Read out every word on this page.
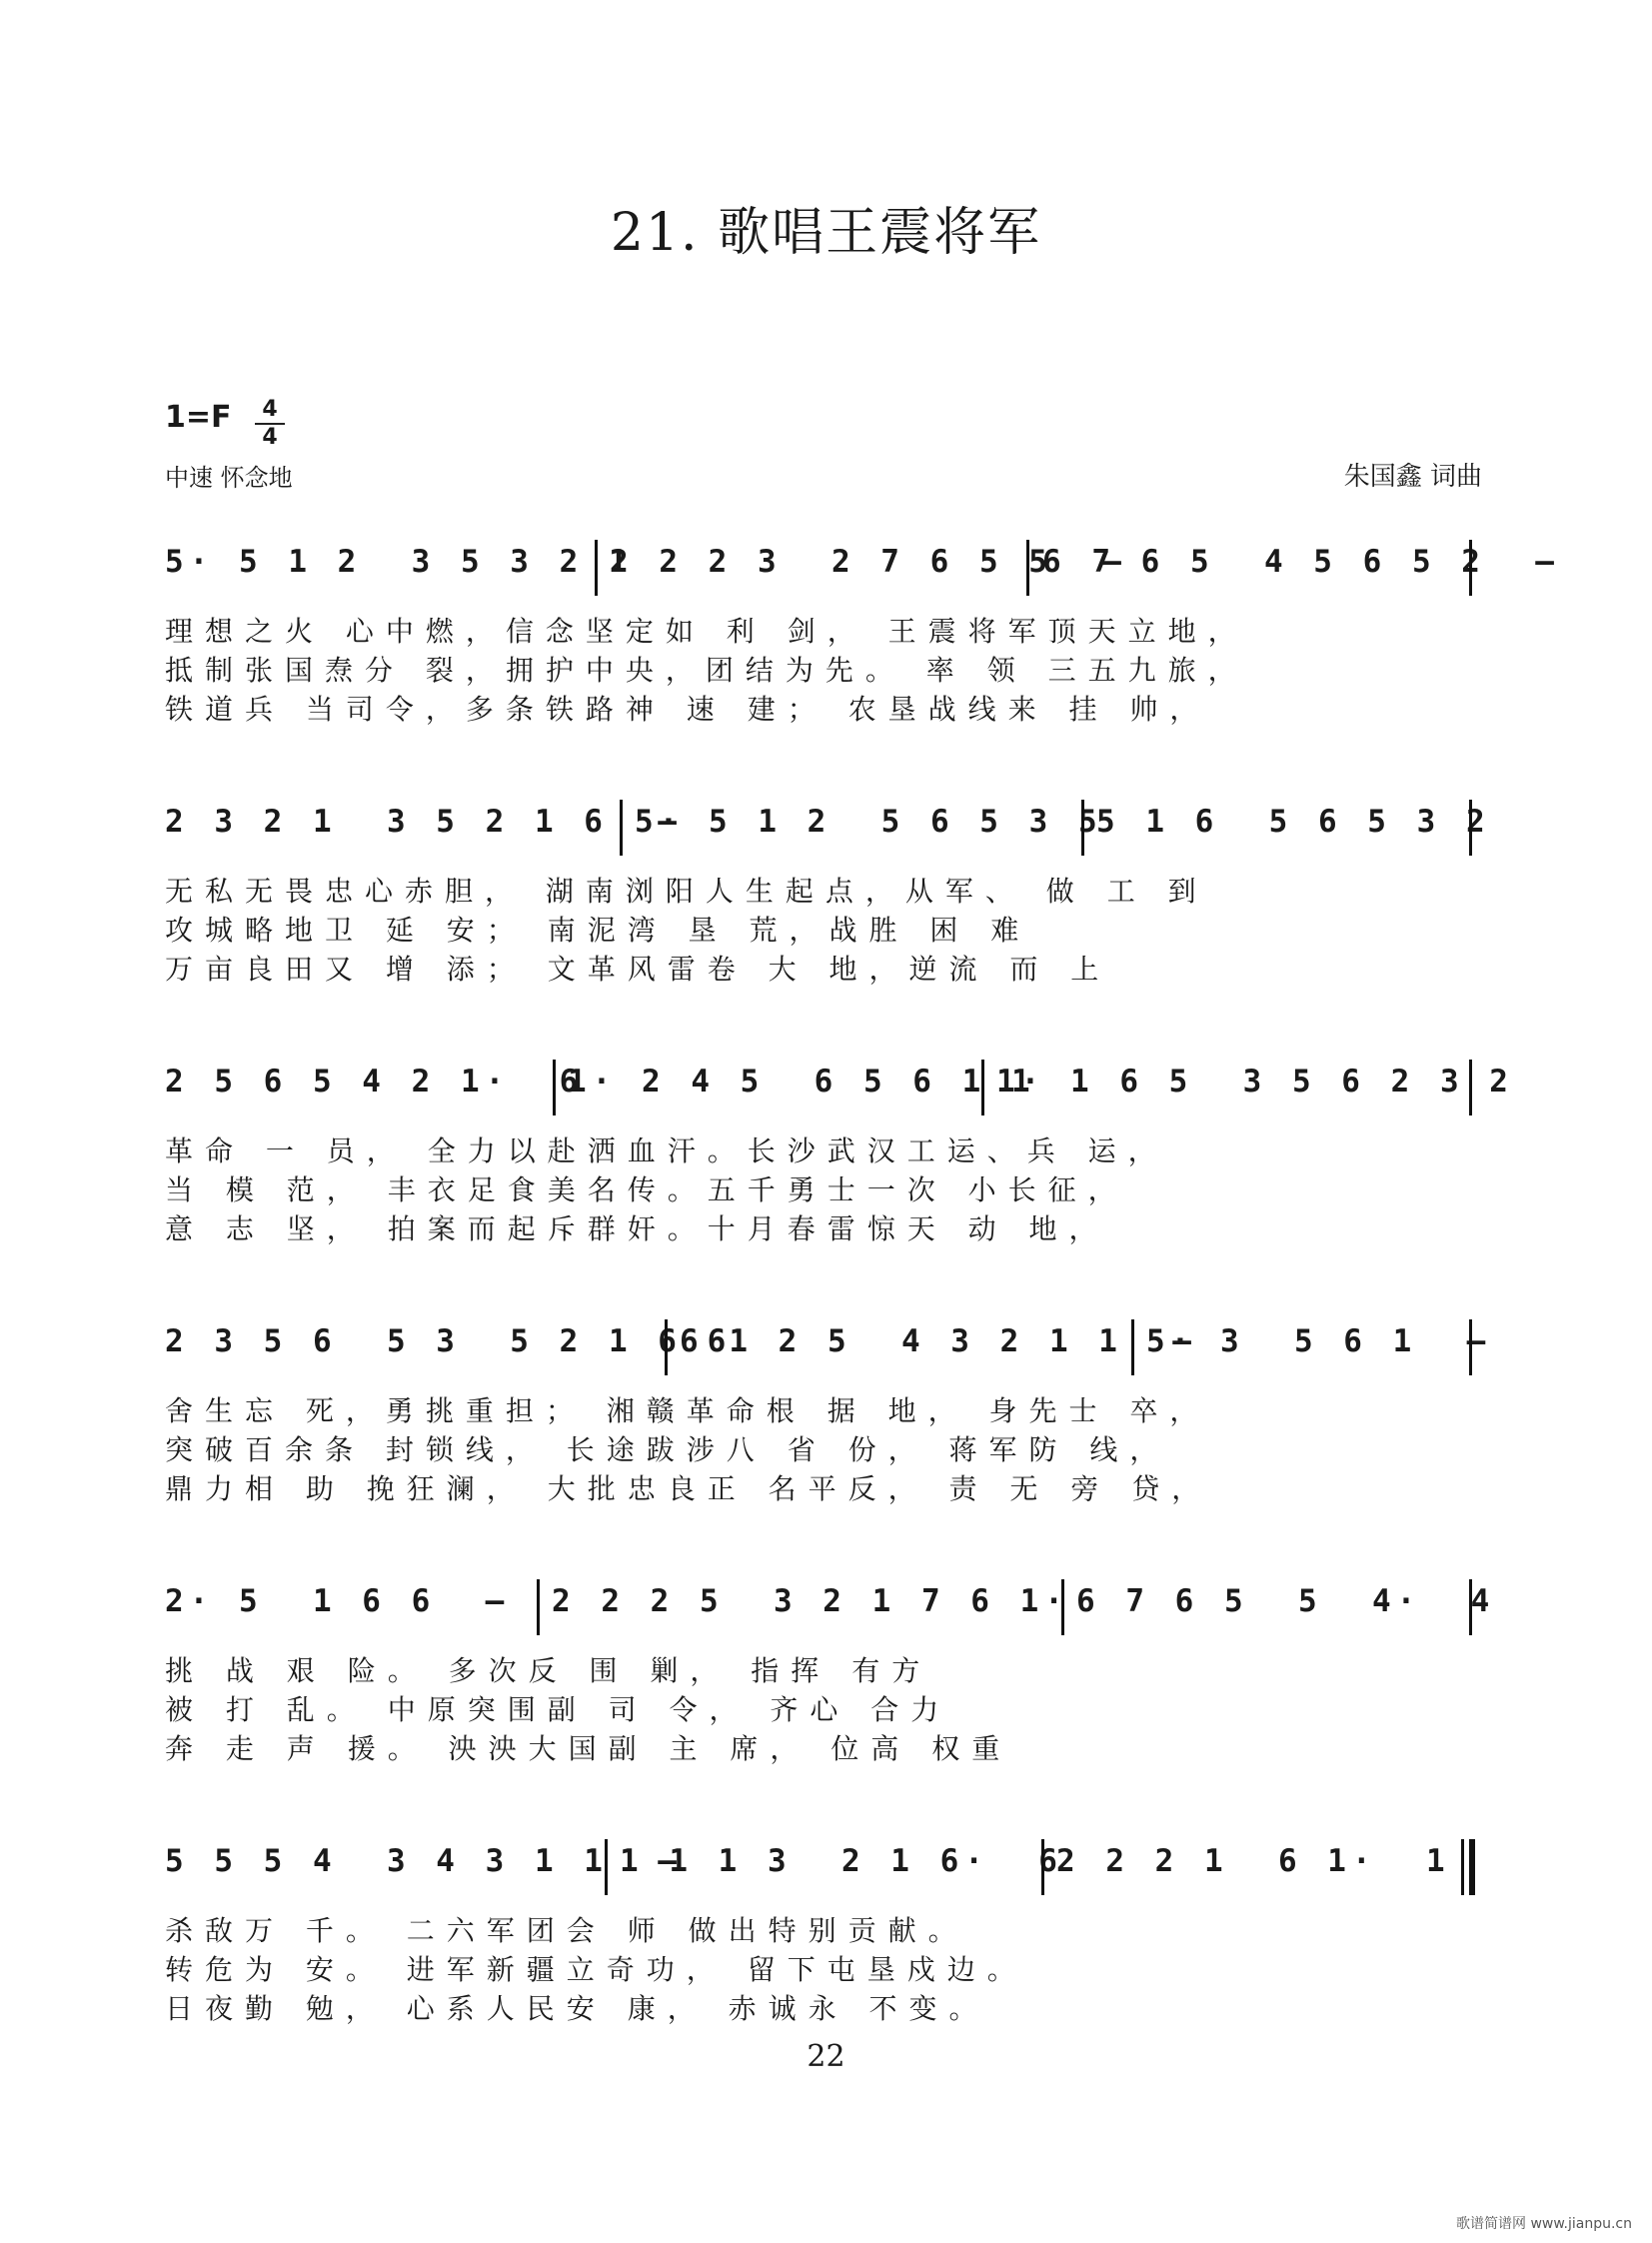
21. 歌唱王震将军
1=F	4
4
中速 怀念地	朱国鑫 词曲
5· 5 1 2  3 5 3 2 1
2 2 2 3  2 7 6 5 5  –
6 7 6 5  4 5 6 5 2  –
理想之火 心中燃，信念坚定如 利 剑， 王震将军顶天立地，
抵制张国焘分 裂，拥护中央，团结为先。 率 领 三五九旅，
铁道兵 当司令，多条铁路神 速 建； 农垦战线来 挂 帅，
2 3 2 1  3 5 2 1 6  –
5· 5 1 2  5 6 5 3 5
5 1 6  5 6 5 3 2
无私无畏忠心赤胆， 湖南浏阳人生起点，从军、 做 工 到
攻城略地卫 延 安； 南泥湾 垦 荒，战胜 困 难
万亩良田又 增 添； 文革风雷卷 大 地，逆流 而 上
2 5 6 5 4 2 1·  6
1· 2 4 5  6 5 6 1 1
1· 1 6 5  3 5 6 2 3 2
革命 一 员， 全力以赴洒血汗。长沙武汉工运、兵 运，
当 模 范， 丰衣足食美名传。五千勇士一次 小长征，
意 志 坚， 拍案而起斥群奸。十月春雷惊天 动 地，
2 3 5 6  5 3  5 2 1 6 6
6 1 2 5  4 3 2 1 1  –
5· 3  5 6 1  –
舍生忘 死，勇挑重担； 湘赣革命根 据 地， 身先士 卒，
突破百余条 封锁线， 长途跋涉八 省 份， 蒋军防 线，
鼎力相 助 挽狂澜， 大批忠良正 名平反， 责 无 旁 贷，
2· 5  1 6 6  – 2 2 2 5  3 2 1 7 6 1· 6 7 6 5  5  4·  4
挑 战 艰 险。 多次反 围 剿， 指挥 有方
被 打 乱。 中原突围副 司 令， 齐心 合力
奔 走 声 援。 泱泱大国副 主 席， 位高 权重
5 5 5 4  3 4 3 1 1  –
1 1 1 3  2 1 6·  6
2 2 2 1  6 1·  1
杀敌万 千。 二六军团会 师 做出特别贡献。
转危为 安。 进军新疆立奇功， 留下屯垦戍边。
日夜勤 勉， 心系人民安 康， 赤诚永 不变。
22
歌谱简谱网 www.jianpu.cn
